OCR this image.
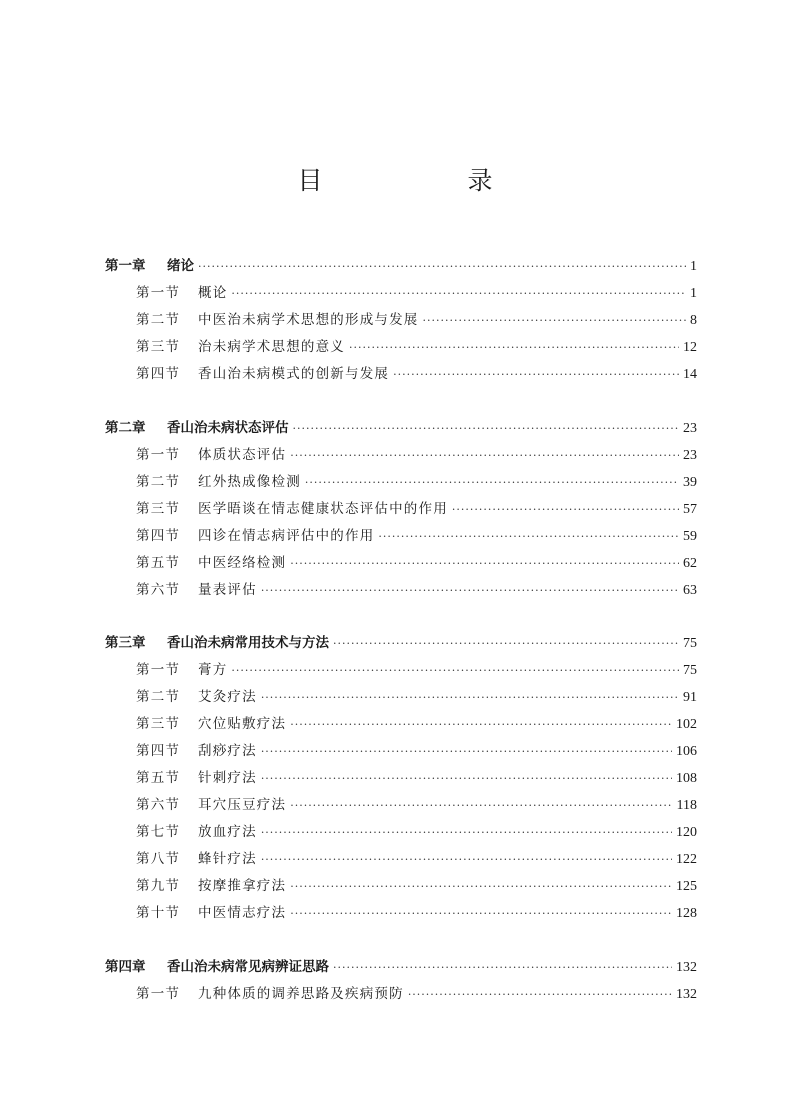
目　录
第一章	绪论 ·····	1
第一节	概论 ·····	1
第二节	中医治未病学术思想的形成与发展 ·····	8
第三节	治未病学术思想的意义 ·····	12
第四节	香山治未病模式的创新与发展 ·····	14
第二章	香山治未病状态评估 ·····	23
第一节	体质状态评估 ·····	23
第二节	红外热成像检测 ·····	39
第三节	医学晤谈在情志健康状态评估中的作用 ·····	57
第四节	四诊在情志病评估中的作用 ·····	59
第五节	中医经络检测 ·····	62
第六节	量表评估 ·····	63
第三章	香山治未病常用技术与方法 ·····	75
第一节	膏方 ·····	75
第二节	艾灸疗法 ·····	91
第三节	穴位贴敷疗法 ·····	102
第四节	刮痧疗法 ·····	106
第五节	针刺疗法 ·····	108
第六节	耳穴压豆疗法 ·····	118
第七节	放血疗法 ·····	120
第八节	蜂针疗法 ·····	122
第九节	按摩推拿疗法 ·····	125
第十节	中医情志疗法 ·····	128
第四章	香山治未病常见病辨证思路 ·····	132
第一节	九种体质的调养思路及疾病预防 ·····	132
